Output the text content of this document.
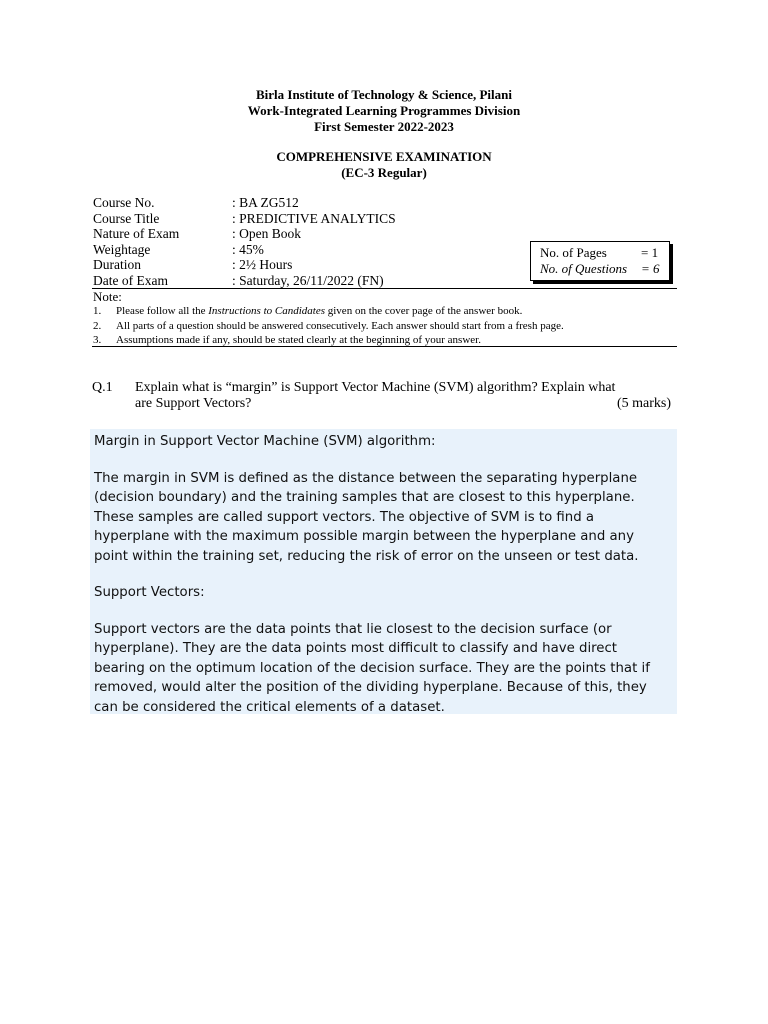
Birla Institute of Technology & Science, Pilani
Work-Integrated Learning Programmes Division
First Semester 2022-2023
COMPREHENSIVE EXAMINATION
(EC-3 Regular)
Course No.	: BA ZG512
Course Title	: PREDICTIVE ANALYTICS
Nature of Exam	: Open Book
Weightage	: 45%
Duration	: 2½ Hours
Date of Exam	: Saturday, 26/11/2022 (FN)
No. of Pages	= 1
No. of Questions	= 6
Note:
1.	Please follow all the Instructions to Candidates given on the cover page of the answer book.
2.	All parts of a question should be answered consecutively. Each answer should start from a fresh page.
3.	Assumptions made if any, should be stated clearly at the beginning of your answer.
Q.1	Explain what is “margin” is Support Vector Machine (SVM) algorithm? Explain what
are Support Vectors?	(5 marks)

Margin in Support Vector Machine (SVM) algorithm:

The margin in SVM is defined as the distance between the separating hyperplane

(decision boundary) and the training samples that are closest to this hyperplane.

These samples are called support vectors. The objective of SVM is to find a

hyperplane with the maximum possible margin between the hyperplane and any

point within the training set, reducing the risk of error on the unseen or test data.

Support Vectors:

Support vectors are the data points that lie closest to the decision surface (or

hyperplane). They are the data points most difficult to classify and have direct

bearing on the optimum location of the decision surface. They are the points that if

removed, would alter the position of the dividing hyperplane. Because of this, they

can be considered the critical elements of a dataset.
